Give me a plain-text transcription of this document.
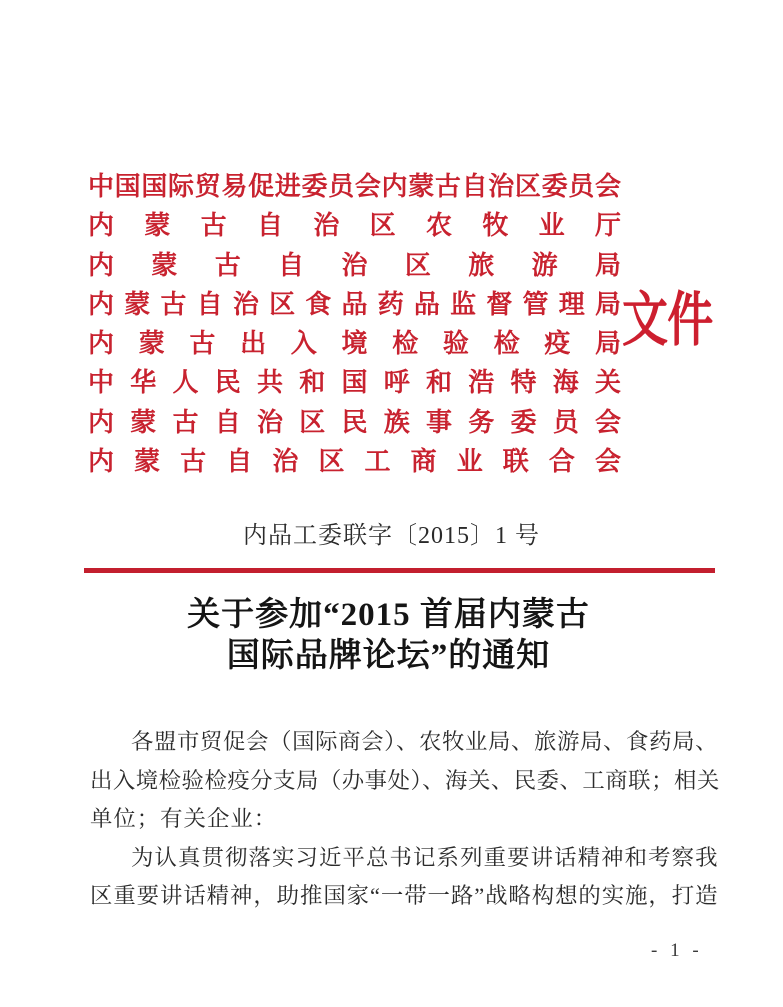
中国国际贸易促进委员会内蒙古自治区委员会
内蒙古自治区农牧业厅
内蒙古自治区旅游局
内蒙古自治区食品药品监督管理局
内蒙古出入境检验检疫局
中华人民共和国呼和浩特海关
内蒙古自治区民族事务委员会
内蒙古自治区工商业联合会
文件
内品工委联字〔2015〕1 号
关于参加“2015 首届内蒙古
国际品牌论坛”的通知
各盟市贸促会（国际商会）、农牧业局、旅游局、食药局、
出入境检验检疫分支局（办事处）、海关、民委、工商联；相关
单位；有关企业：
为认真贯彻落实习近平总书记系列重要讲话精神和考察我
区重要讲话精神，助推国家“一带一路”战略构想的实施，打造
- 1 -
